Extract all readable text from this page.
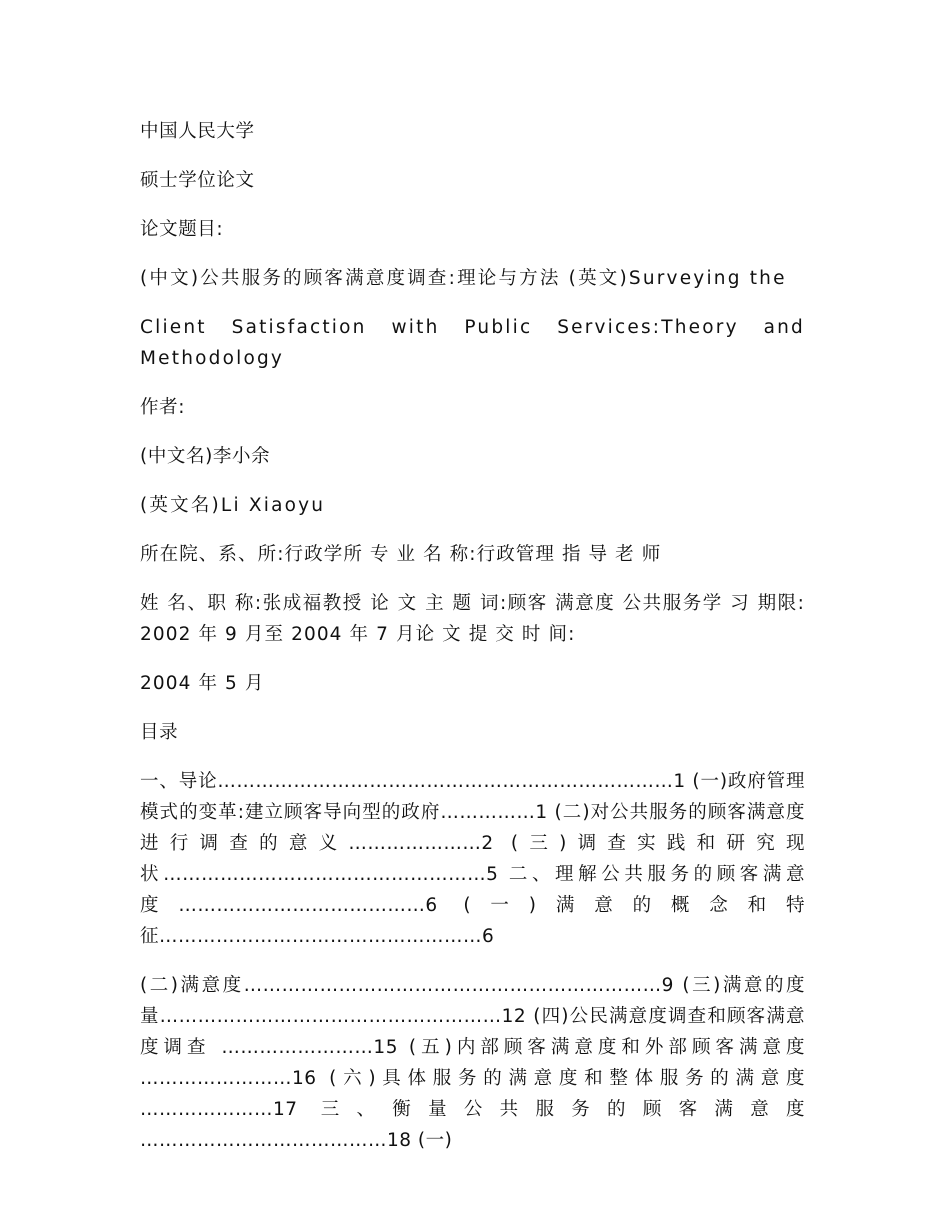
中国人民大学

硕士学位论文

论文题目:

(中文)公共服务的顾客满意度调查:理论与方法 (英文)Surveying the

Client Satisfaction with Public Services:Theory and Methodology

作者:

(中文名)李小余

(英文名)Li Xiaoyu

所在院、系、所:行政学所 专 业 名 称:行政管理 指 导 老 师

姓 名、职 称:张成福教授 论 文 主 题 词:顾客 满意度 公共服务学 习 期限: 2002 年 9 月至 2004 年 7 月论 文 提 交 时 间:

2004 年 5 月

目录

一、导论………………………………………………………………1 (一)政府管理模式的变革:建立顾客导向型的政府……………1 (二)对公共服务的顾客满意度进行调查的意义…………………2 (三)调查实践和研究现状……………………………………………5 二、理解公共服务的顾客满意度…………………………………6 (一)满意的概念和特征……………………………………………6

(二)满意度…………………………………………………………9 (三)满意的度量………………………………………………12 (四)公民满意度调查和顾客满意度调查 ……………………15 (五)内部顾客满意度和外部顾客满意度 ……………………16 (六)具体服务的满意度和整体服务的满意度 …………………17 三、衡量公共服务的顾客满意度 …………………………………18 (一)
